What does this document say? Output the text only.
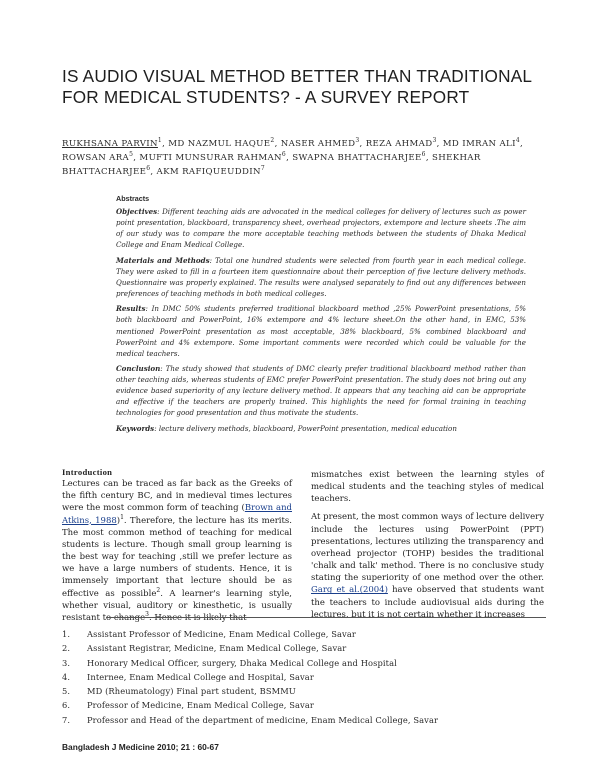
IS AUDIO VISUAL METHOD BETTER THAN TRADITIONAL FOR MEDICAL STUDENTS? - A SURVEY REPORT
RUKHSANA PARVIN$^1$, MD NAZMUL HAQUE$^2$, NASER AHMED$^3$, REZA AHMAD$^3$, MD IMRAN ALI$^4$, ROWSAN ARA$^5$, MUFTI MUNSURAR RAHMAN$^6$, SWAPNA BHATTACHARJEE$^6$, SHEKHAR BHATTACHARJEE$^6$, AKM RAFIQUEUDDIN$^7$

Abstracts

Objectives: Different teaching aids are advocated in the medical colleges for delivery of lectures such as power point presentation, blackboard, transparency sheet, overhead projectors, extempore and lecture sheets .The aim of our study was to compare the more acceptable teaching methods between the students of Dhaka Medical College and Enam Medical College.

Materials and Methods: Total one hundred students were selected from fourth year in each medical college. They were asked to fill in a fourteen item questionnaire about their perception of five lecture delivery methods. Questionnaire was properly explained. The results were analysed separately to find out any differences between preferences of teaching methods in both medical colleges.

Results: In DMC 50% students preferred traditional blackboard method ,25% PowerPoint presentations, 5% both blackboard and PowerPoint, 16% extempore and 4% lecture sheet.On the other hand, in EMC, 53% mentioned PowerPoint presentation as most acceptable, 38% blackboard, 5% combined blackboard and PowerPoint and 4% extempore. Some important comments were recorded which could be valuable for the medical teachers.

Conclusion: The study showed that students of DMC clearly prefer traditional blackboard method rather than other teaching aids, whereas students of EMC prefer PowerPoint presentation. The study does not bring out any evidence based superiority of any lecture delivery method. It appears that any teaching aid can be appropriate and effective if the teachers are properly trained. This highlights the need for formal training in teaching technologies for good presentation and thus motivate the students.

Keywords: lecture delivery methods, blackboard, PowerPoint presentation, medical education

Introduction

Lectures can be traced as far back as the Greeks of the fifth century BC, and in medieval times lectures were the most common form of teaching (Brown and Atkins, 1988)$^1$. Therefore, the lecture has its merits. The most common method of teaching for medical students is lecture. Though small group learning is the best way for teaching ,still we prefer lecture as we have a large numbers of students. Hence, it is immensely important that lecture should be as effective as possible$^2$. A learner's learning style, whether visual, auditory or kinesthetic, is usually resistant to change$^3$. Hence it is likely that

mismatches exist between the learning styles of medical students and the teaching styles of medical teachers.

At present, the most common ways of lecture delivery include the lectures using PowerPoint (PPT) presentations, lectures utilizing the transparency and overhead projector (TOHP) besides the traditional 'chalk and talk' method. There is no conclusive study stating the superiority of one method over the other. Garg et al.(2004) have observed that students want the teachers to include audiovisual aids during the lectures, but it is not certain whether it increases

1. Assistant Professor of Medicine, Enam Medical College, Savar
2. Assistant Registrar, Medicine, Enam Medical College, Savar
3. Honorary Medical Officer, surgery, Dhaka Medical College and Hospital
4. Internee, Enam Medical College and Hospital, Savar
5. MD (Rheumatology) Final part student, BSMMU
6. Professor of Medicine, Enam Medical College, Savar
7. Professor and Head of the department of medicine, Enam Medical College, Savar
Bangladesh J Medicine 2010; 21 : 60-67
